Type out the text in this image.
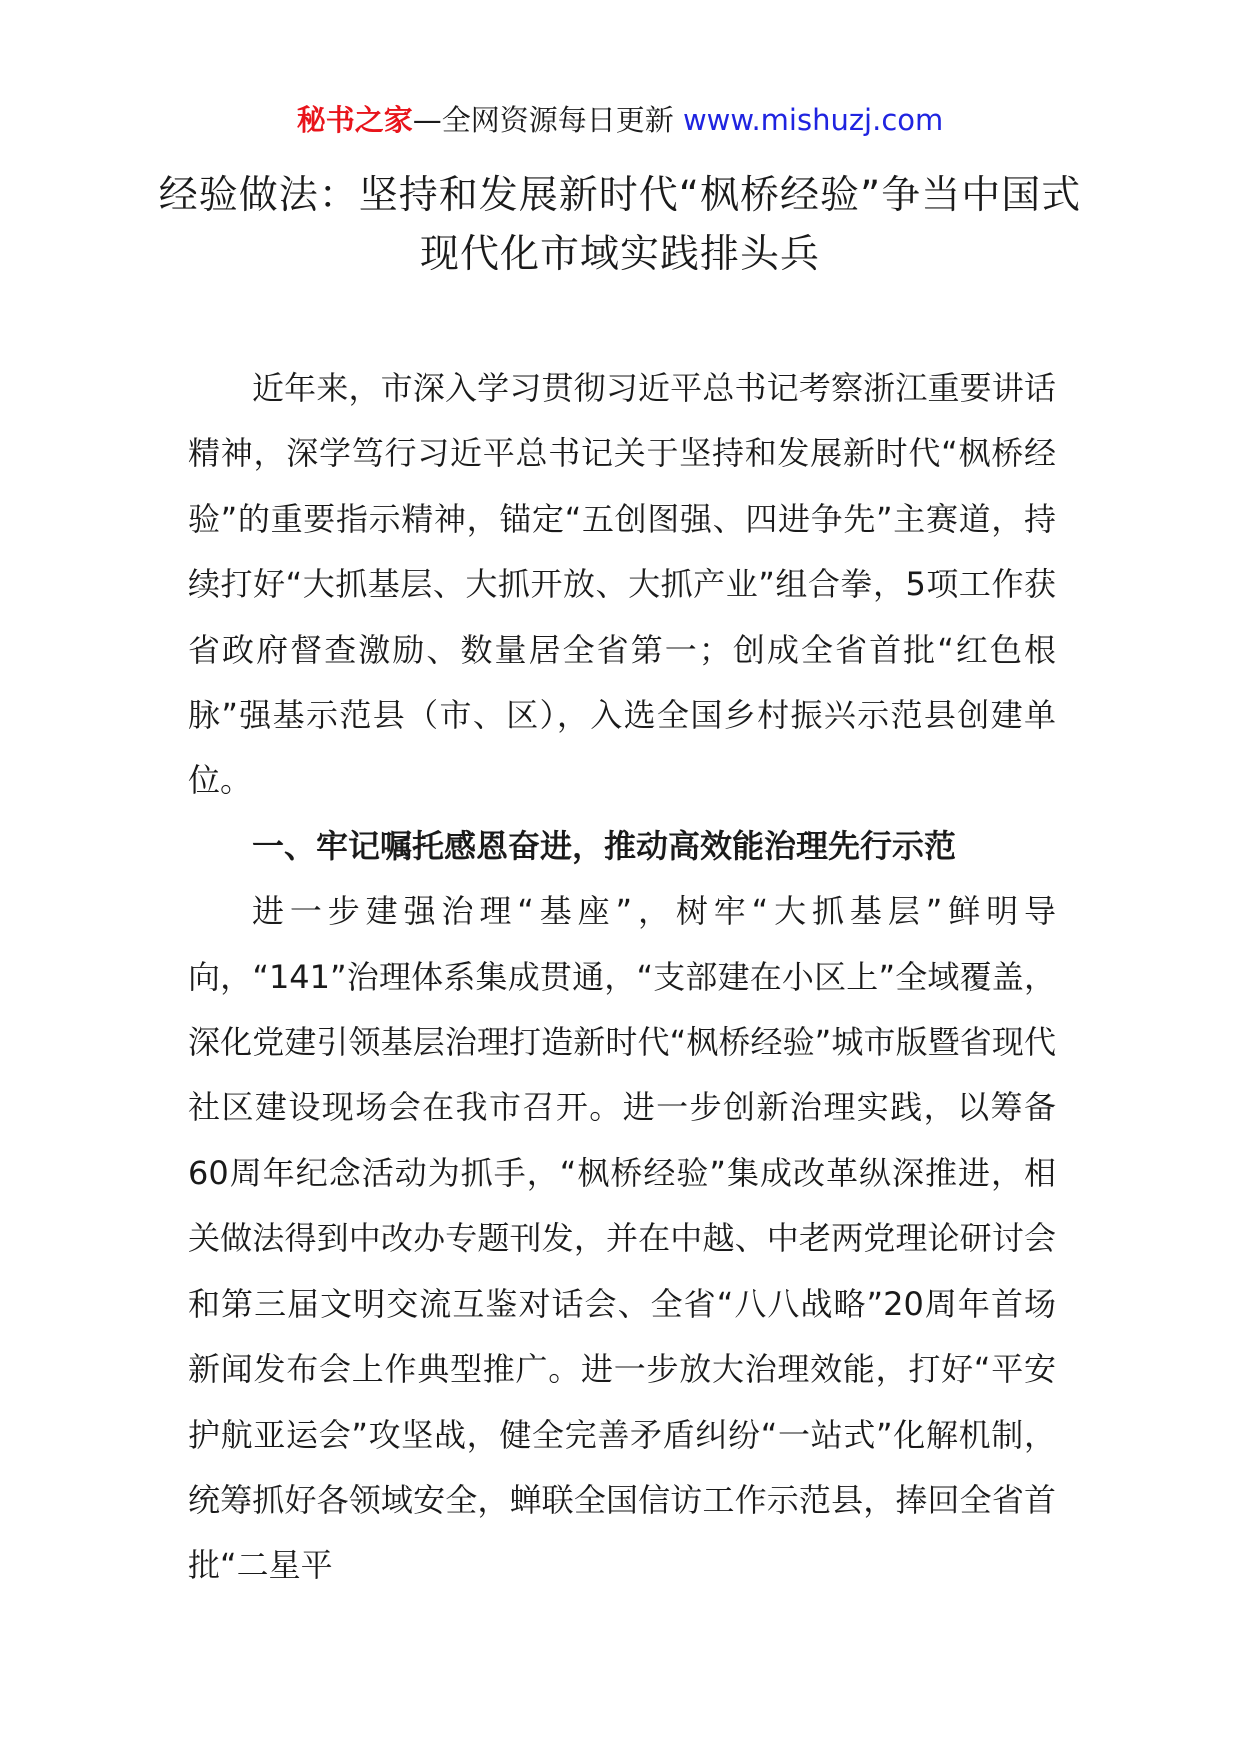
秘书之家—全网资源每日更新 www.mishuzj.com
经验做法：坚持和发展新时代“枫桥经验”争当中国式现代化市域实践排头兵

近年来，市深入学习贯彻习近平总书记考察浙江重要讲话精神，深学笃行习近平总书记关于坚持和发展新时代“枫桥经验”的重要指示精神，锚定“五创图强、四进争先”主赛道，持续打好“大抓基层、大抓开放、大抓产业”组合拳，5项工作获省政府督查激励、数量居全省第一；创成全省首批“红色根脉”强基示范县（市、区），入选全国乡村振兴示范县创建单位。

一、牢记嘱托感恩奋进，推动高效能治理先行示范

进一步建强治理“基座”，树牢“大抓基层”鲜明导向，“141”治理体系集成贯通，“支部建在小区上”全域覆盖，深化党建引领基层治理打造新时代“枫桥经验”城市版暨省现代社区建设现场会在我市召开。进一步创新治理实践，以筹备60周年纪念活动为抓手，“枫桥经验”集成改革纵深推进，相关做法得到中改办专题刊发，并在中越、中老两党理论研讨会和第三届文明交流互鉴对话会、全省“八八战略”20周年首场新闻发布会上作典型推广。进一步放大治理效能，打好“平安护航亚运会”攻坚战，健全完善矛盾纠纷“一站式”化解机制，统筹抓好各领域安全，蝉联全国信访工作示范县，捧回全省首批“二星平
